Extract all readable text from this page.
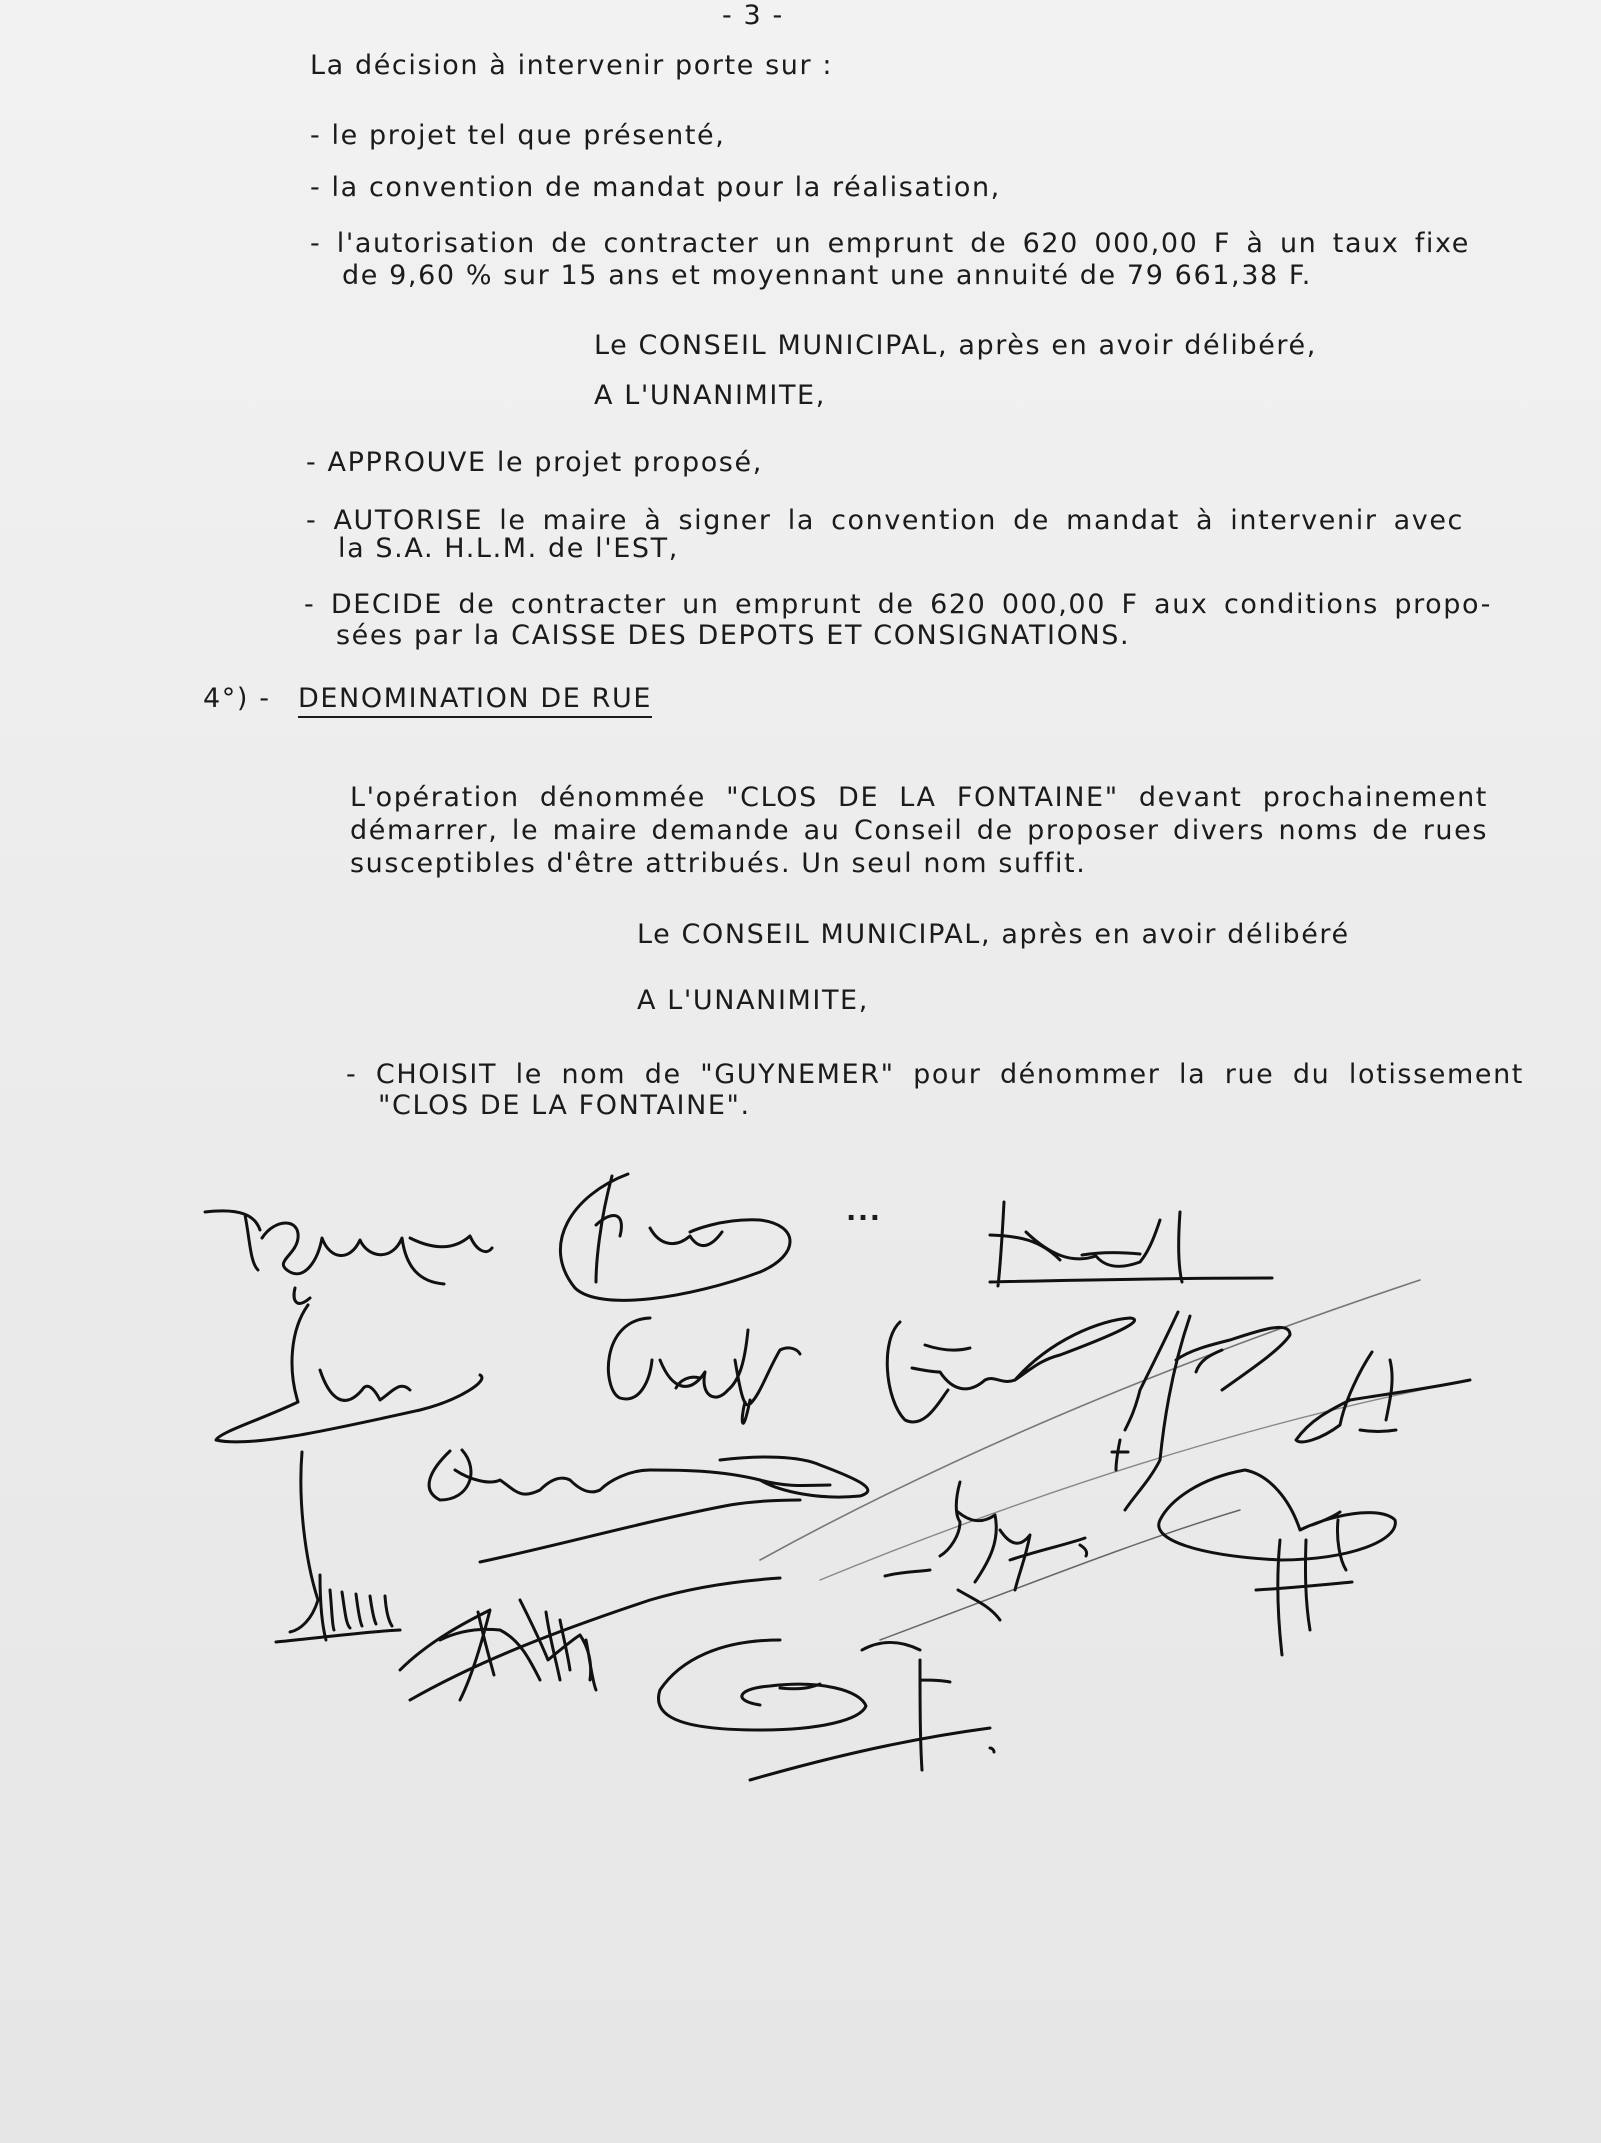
- 3 -
La décision à intervenir porte sur :
- le projet tel que présenté,
- la convention de mandat pour la réalisation,
- l'autorisation de contracter un emprunt de 620 000,00 F à un taux fixe
de 9,60 % sur 15 ans et moyennant une annuité de 79 661,38 F.
Le CONSEIL MUNICIPAL, après en avoir délibéré,
A L'UNANIMITE,
- APPROUVE le projet proposé,
- AUTORISE le maire à signer la convention de mandat à intervenir avec
la S.A. H.L.M. de l'EST,
- DECIDE de contracter un emprunt de 620 000,00 F aux conditions propo-
sées par la CAISSE DES DEPOTS ET CONSIGNATIONS.
4°) - DENOMINATION DE RUE
L'opération dénommée "CLOS DE LA FONTAINE" devant prochainement
démarrer, le maire demande au Conseil de proposer divers noms de rues
susceptibles d'être attribués. Un seul nom suffit.
Le CONSEIL MUNICIPAL, après en avoir délibéré
A L'UNANIMITE,
- CHOISIT le nom de "GUYNEMER" pour dénommer la rue du lotissement
"CLOS DE LA FONTAINE".
...
